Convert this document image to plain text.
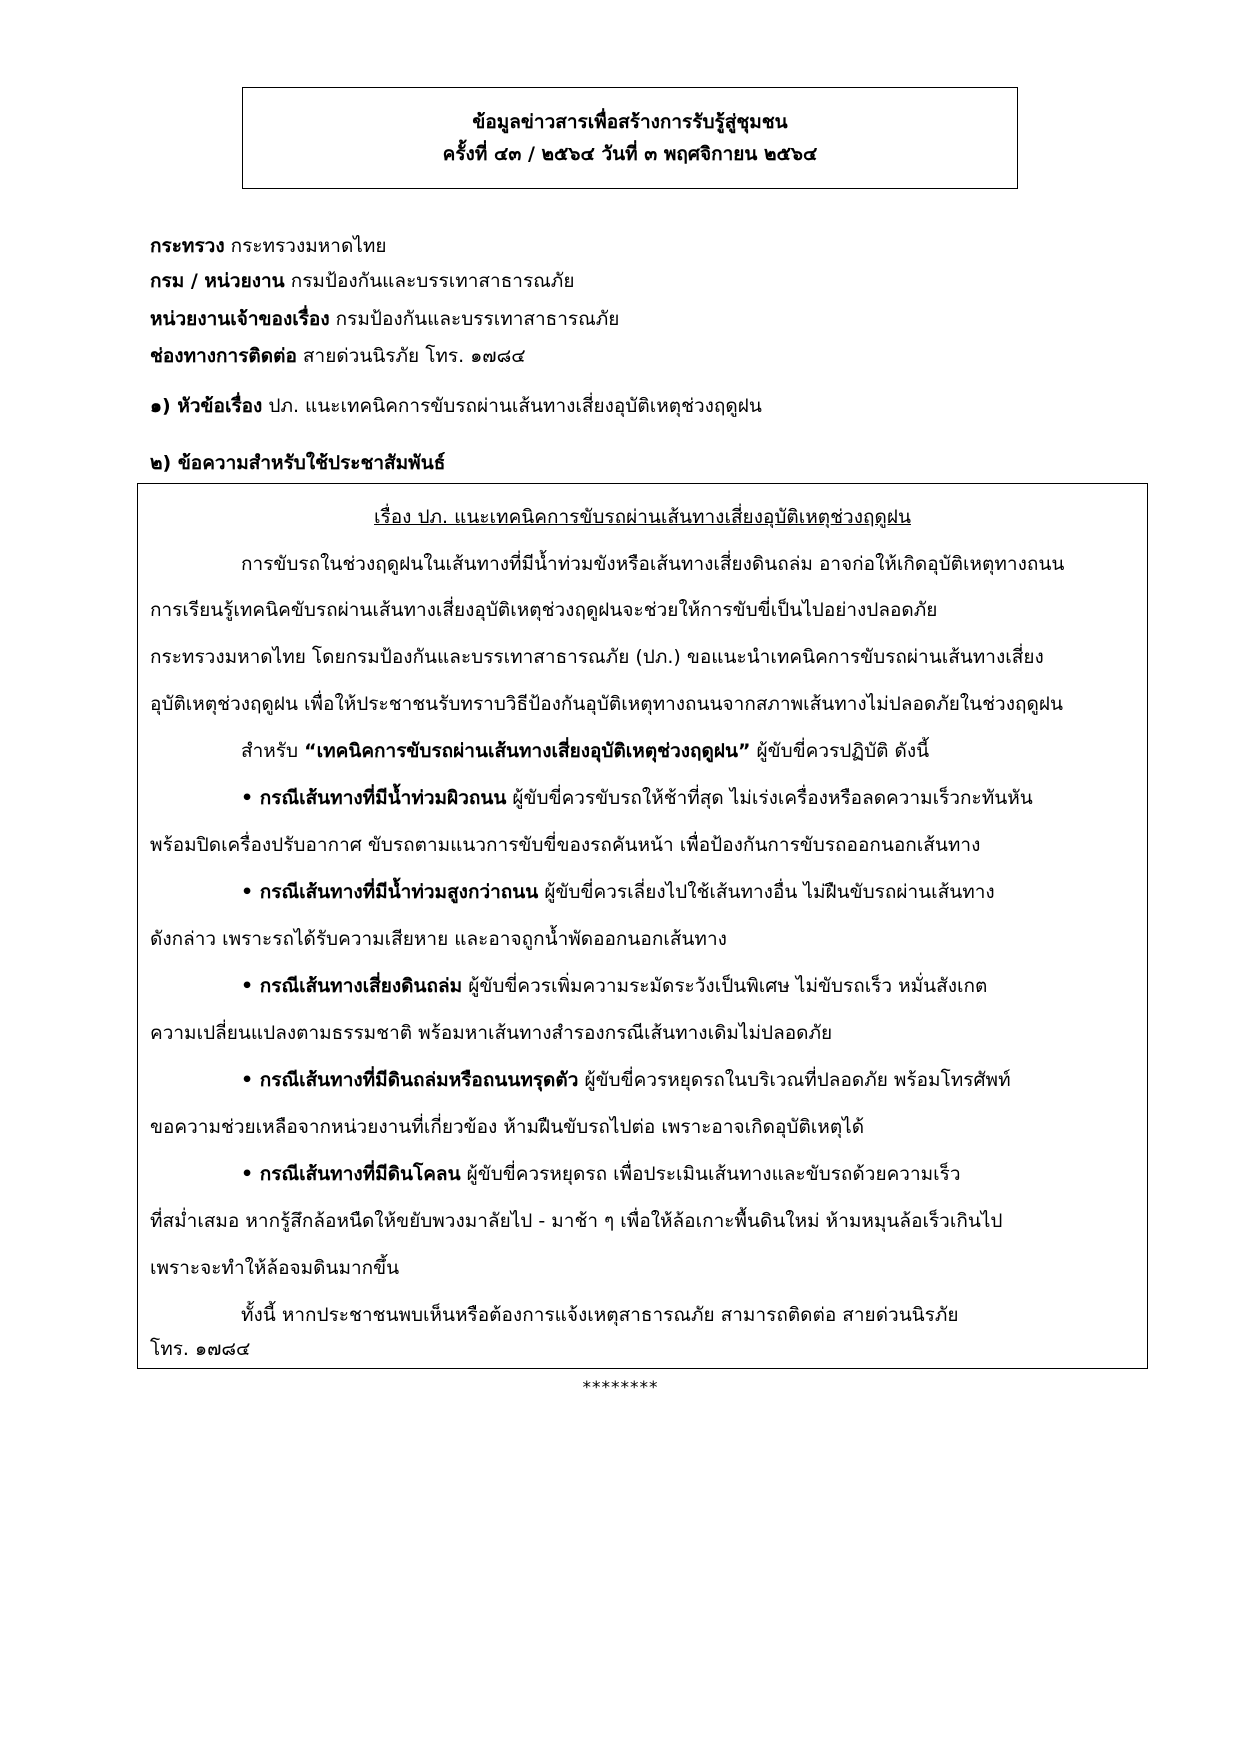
ข้อมูลข่าวสารเพื่อสร้างการรับรู้สู่ชุมชน
ครั้งที่ ๔๓ / ๒๕๖๔ วันที่ ๓ พฤศจิกายน ๒๕๖๔
กระทรวง กระทรวงมหาดไทย
กรม / หน่วยงาน กรมป้องกันและบรรเทาสาธารณภัย
หน่วยงานเจ้าของเรื่อง กรมป้องกันและบรรเทาสาธารณภัย
ช่องทางการติดต่อ สายด่วนนิรภัย โทร. ๑๗๘๔
๑) หัวข้อเรื่อง ปภ. แนะเทคนิคการขับรถผ่านเส้นทางเสี่ยงอุบัติเหตุช่วงฤดูฝน
๒) ข้อความสำหรับใช้ประชาสัมพันธ์
เรื่อง ปภ. แนะเทคนิคการขับรถผ่านเส้นทางเสี่ยงอุบัติเหตุช่วงฤดูฝน
การขับรถในช่วงฤดูฝนในเส้นทางที่มีน้ำท่วมขังหรือเส้นทางเสี่ยงดินถล่ม อาจก่อให้เกิดอุบัติเหตุทางถนน
การเรียนรู้เทคนิคขับรถผ่านเส้นทางเสี่ยงอุบัติเหตุช่วงฤดูฝนจะช่วยให้การขับขี่เป็นไปอย่างปลอดภัย
กระทรวงมหาดไทย โดยกรมป้องกันและบรรเทาสาธารณภัย (ปภ.) ขอแนะนำเทคนิคการขับรถผ่านเส้นทางเสี่ยง
อุบัติเหตุช่วงฤดูฝน เพื่อให้ประชาชนรับทราบวิธีป้องกันอุบัติเหตุทางถนนจากสภาพเส้นทางไม่ปลอดภัยในช่วงฤดูฝน
สำหรับ “เทคนิคการขับรถผ่านเส้นทางเสี่ยงอุบัติเหตุช่วงฤดูฝน” ผู้ขับขี่ควรปฏิบัติ ดังนี้
• กรณีเส้นทางที่มีน้ำท่วมผิวถนน ผู้ขับขี่ควรขับรถให้ช้าที่สุด ไม่เร่งเครื่องหรือลดความเร็วกะทันหัน
พร้อมปิดเครื่องปรับอากาศ ขับรถตามแนวการขับขี่ของรถคันหน้า เพื่อป้องกันการขับรถออกนอกเส้นทาง
• กรณีเส้นทางที่มีน้ำท่วมสูงกว่าถนน ผู้ขับขี่ควรเลี่ยงไปใช้เส้นทางอื่น ไม่ฝืนขับรถผ่านเส้นทาง
ดังกล่าว เพราะรถได้รับความเสียหาย และอาจถูกน้ำพัดออกนอกเส้นทาง
• กรณีเส้นทางเสี่ยงดินถล่ม ผู้ขับขี่ควรเพิ่มความระมัดระวังเป็นพิเศษ ไม่ขับรถเร็ว หมั่นสังเกต
ความเปลี่ยนแปลงตามธรรมชาติ พร้อมหาเส้นทางสำรองกรณีเส้นทางเดิมไม่ปลอดภัย
• กรณีเส้นทางที่มีดินถล่มหรือถนนทรุดตัว ผู้ขับขี่ควรหยุดรถในบริเวณที่ปลอดภัย พร้อมโทรศัพท์
ขอความช่วยเหลือจากหน่วยงานที่เกี่ยวข้อง ห้ามฝืนขับรถไปต่อ เพราะอาจเกิดอุบัติเหตุได้
• กรณีเส้นทางที่มีดินโคลน ผู้ขับขี่ควรหยุดรถ เพื่อประเมินเส้นทางและขับรถด้วยความเร็ว
ที่สม่ำเสมอ หากรู้สึกล้อหนืดให้ขยับพวงมาลัยไป - มาช้า ๆ เพื่อให้ล้อเกาะพื้นดินใหม่ ห้ามหมุนล้อเร็วเกินไป
เพราะจะทำให้ล้อจมดินมากขึ้น
ทั้งนี้ หากประชาชนพบเห็นหรือต้องการแจ้งเหตุสาธารณภัย สามารถติดต่อ สายด่วนนิรภัย
โทร. ๑๗๘๔
********
